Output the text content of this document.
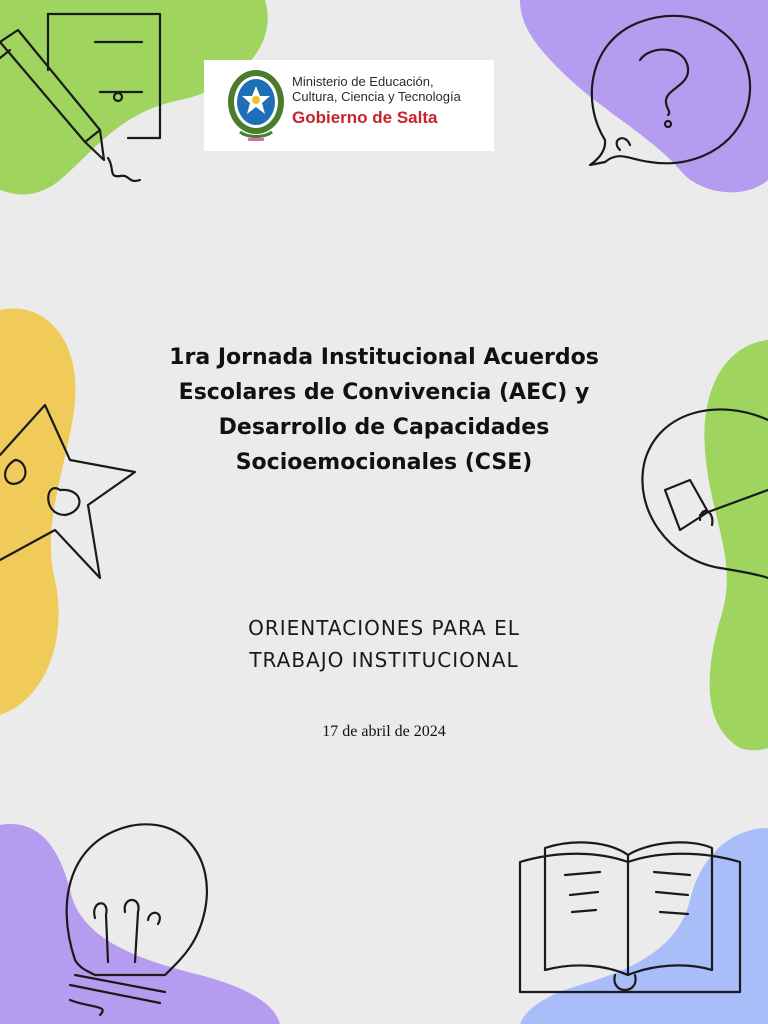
Ministerio de Educación,
Cultura, Ciencia y Tecnología
Gobierno de Salta
1ra Jornada Institucional Acuerdos
Escolares de Convivencia (AEC) y
Desarrollo de Capacidades
Socioemocionales (CSE)
ORIENTACIONES PARA EL
TRABAJO INSTITUCIONAL
17 de abril de 2024
